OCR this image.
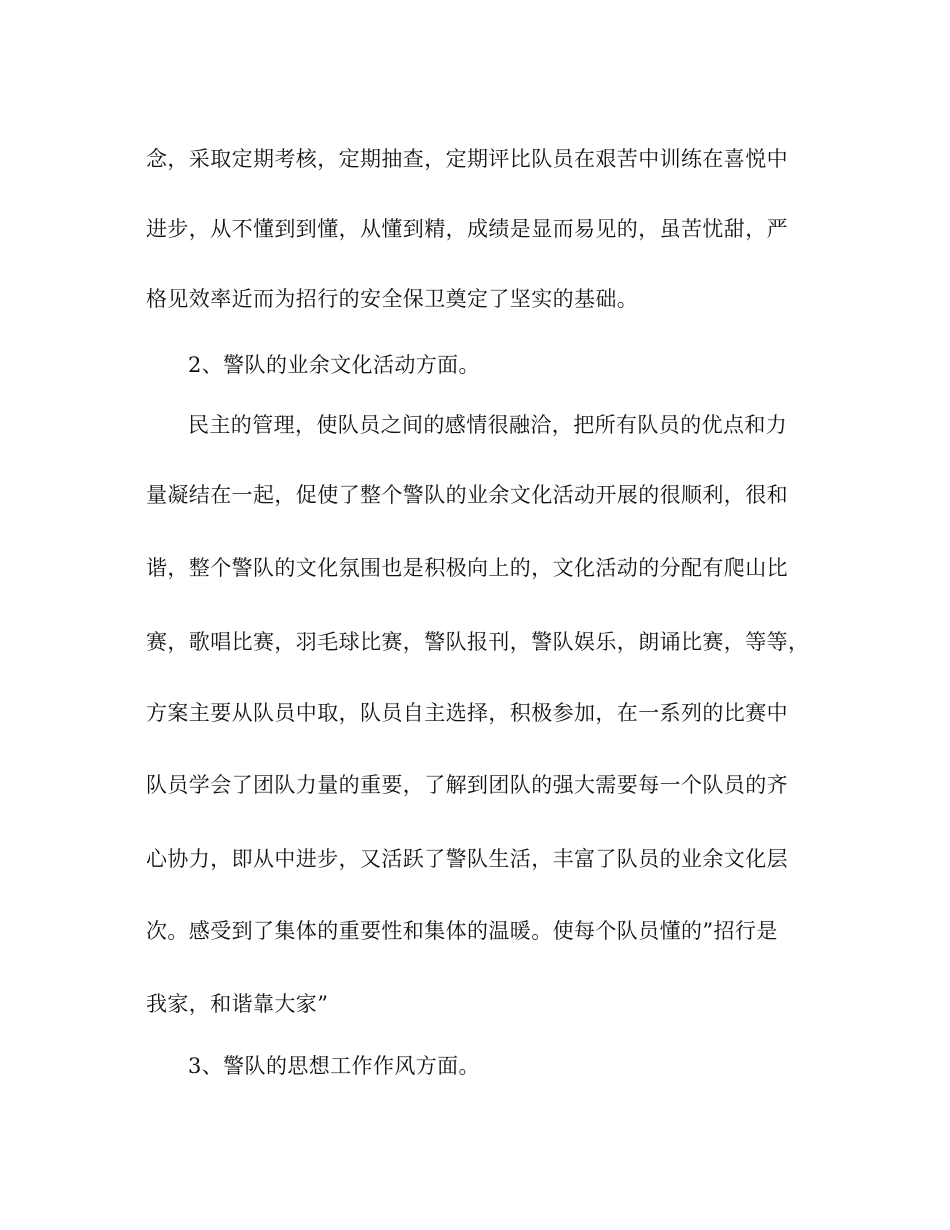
念，采取定期考核，定期抽查，定期评比队员在艰苦中训练在喜悦中
进步，从不懂到到懂，从懂到精，成绩是显而易见的，虽苦忧甜，严
格见效率近而为招行的安全保卫奠定了坚实的基础。
2、警队的业余文化活动方面。
民主的管理，使队员之间的感情很融洽，把所有队员的优点和力
量凝结在一起，促使了整个警队的业余文化活动开展的很顺利，很和
谐，整个警队的文化氛围也是积极向上的，文化活动的分配有爬山比
赛，歌唱比赛，羽毛球比赛，警队报刊，警队娱乐，朗诵比赛，等等，
方案主要从队员中取，队员自主选择，积极参加，在一系列的比赛中
队员学会了团队力量的重要，了解到团队的强大需要每一个队员的齐
心协力，即从中进步，又活跃了警队生活，丰富了队员的业余文化层
次。感受到了集体的重要性和集体的温暖。使每个队员懂的”招行是
我家，和谐靠大家”
3、警队的思想工作作风方面。
